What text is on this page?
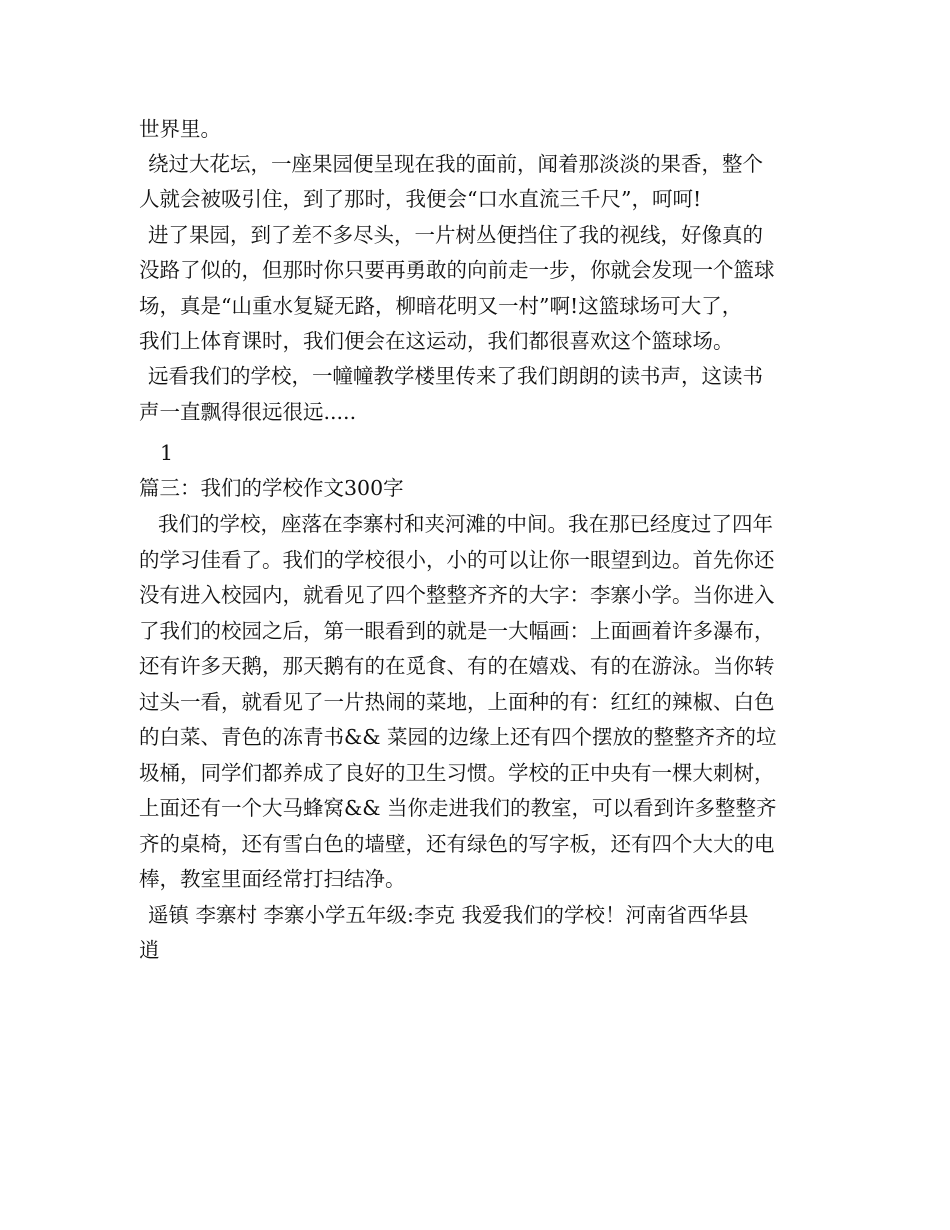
世界里。
绕过大花坛，一座果园便呈现在我的面前，闻着那淡淡的果香，整个
人就会被吸引住，到了那时，我便会“口水直流三千尺”，呵呵!
进了果园，到了差不多尽头，一片树丛便挡住了我的视线，好像真的
没路了似的，但那时你只要再勇敢的向前走一步，你就会发现一个篮球
场，真是“山重水复疑无路，柳暗花明又一村”啊!这篮球场可大了，
我们上体育课时，我们便会在这运动，我们都很喜欢这个篮球场。
远看我们的学校，一幢幢教学楼里传来了我们朗朗的读书声，这读书
声一直飘得很远很远.....
1
篇三：我们的学校作文300字
我们的学校，座落在李寨村和夹河滩的中间。我在那已经度过了四年
的学习佳看了。我们的学校很小，小的可以让你一眼望到边。首先你还
没有进入校园内，就看见了四个整整齐齐的大字：李寨小学。当你进入
了我们的校园之后，第一眼看到的就是一大幅画：上面画着许多瀑布，
还有许多天鹅，那天鹅有的在觅食、有的在嬉戏、有的在游泳。当你转
过头一看，就看见了一片热闹的菜地，上面种的有：红红的辣椒、白色
的白菜、青色的冻青书&& 菜园的边缘上还有四个摆放的整整齐齐的垃
圾桶，同学们都养成了良好的卫生习惯。学校的正中央有一棵大刺树，
上面还有一个大马蜂窝&& 当你走进我们的教室，可以看到许多整整齐
齐的桌椅，还有雪白色的墙壁，还有绿色的写字板，还有四个大大的电
棒，教室里面经常打扫结净。
遥镇 李寨村 李寨小学五年级:李克 我爱我们的学校！河南省西华县
逍
